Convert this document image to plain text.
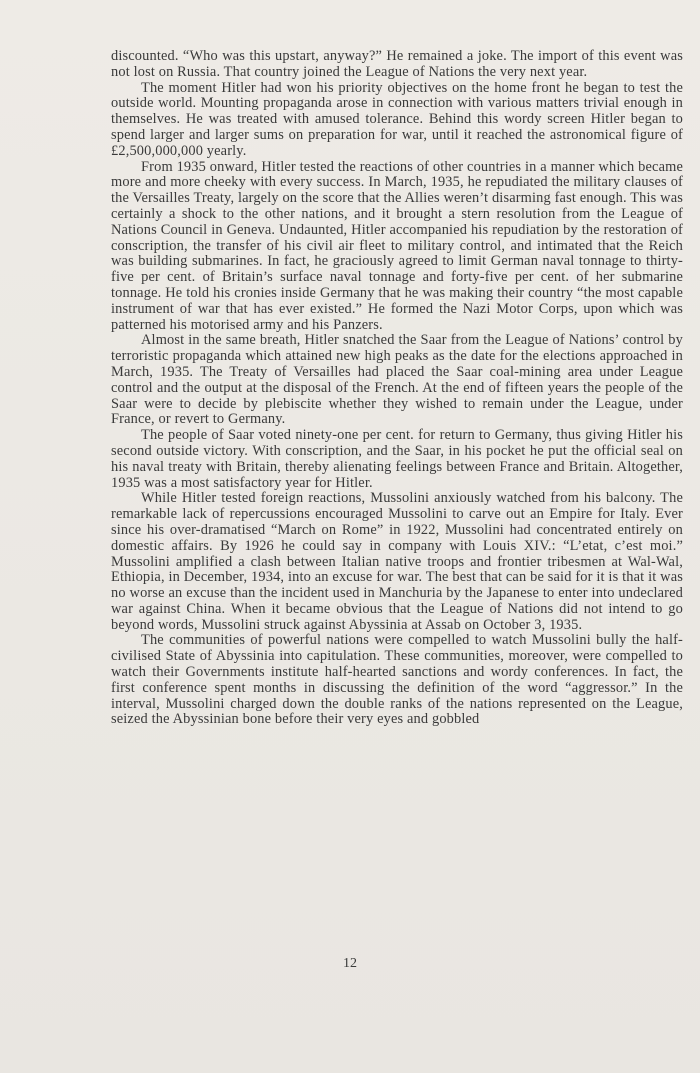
discounted. “Who was this upstart, anyway?” He remained a joke. The import of this event was not lost on Russia. That country joined the League of Nations the very next year.

The moment Hitler had won his priority objectives on the home front he began to test the outside world. Mounting propaganda arose in connection with various matters trivial enough in themselves. He was treated with amused tolerance. Behind this wordy screen Hitler began to spend larger and larger sums on preparation for war, until it reached the astronomical figure of £2,500,000,000 yearly.

From 1935 onward, Hitler tested the reactions of other countries in a manner which became more and more cheeky with every success. In March, 1935, he repudiated the military clauses of the Versailles Treaty, largely on the score that the Allies weren’t disarming fast enough. This was certainly a shock to the other nations, and it brought a stern resolution from the League of Nations Council in Geneva. Undaunted, Hitler accompanied his repudiation by the restoration of conscription, the transfer of his civil air fleet to military control, and intimated that the Reich was building submarines. In fact, he graciously agreed to limit German naval tonnage to thirty-five per cent. of Britain’s surface naval tonnage and forty-five per cent. of her submarine tonnage. He told his cronies inside Germany that he was making their country “the most capable instrument of war that has ever existed.” He formed the Nazi Motor Corps, upon which was patterned his motorised army and his Panzers.

Almost in the same breath, Hitler snatched the Saar from the League of Nations’ control by terroristic propaganda which attained new high peaks as the date for the elections approached in March, 1935. The Treaty of Versailles had placed the Saar coal-mining area under League control and the output at the disposal of the French. At the end of fifteen years the people of the Saar were to decide by plebiscite whether they wished to remain under the League, under France, or revert to Germany.

The people of Saar voted ninety-one per cent. for return to Germany, thus giving Hitler his second outside victory. With conscription, and the Saar, in his pocket he put the official seal on his naval treaty with Britain, thereby alienating feelings between France and Britain. Altogether, 1935 was a most satisfactory year for Hitler.

While Hitler tested foreign reactions, Mussolini anxiously watched from his balcony. The remarkable lack of repercussions encouraged Mussolini to carve out an Empire for Italy. Ever since his over-dramatised “March on Rome” in 1922, Mussolini had concentrated entirely on domestic affairs. By 1926 he could say in company with Louis XIV.: “L’etat, c’est moi.” Mussolini amplified a clash between Italian native troops and frontier tribesmen at Wal-Wal, Ethiopia, in December, 1934, into an excuse for war. The best that can be said for it is that it was no worse an excuse than the incident used in Manchuria by the Japanese to enter into undeclared war against China. When it became obvious that the League of Nations did not intend to go beyond words, Mussolini struck against Abyssinia at Assab on October 3, 1935.

The communities of powerful nations were compelled to watch Mussolini bully the half-civilised State of Abyssinia into capitulation. These communities, moreover, were compelled to watch their Governments institute half-hearted sanctions and wordy conferences. In fact, the first conference spent months in discussing the definition of the word “aggressor.” In the interval, Mussolini charged down the double ranks of the nations represented on the League, seized the Abyssinian bone before their very eyes and gobbled

12
